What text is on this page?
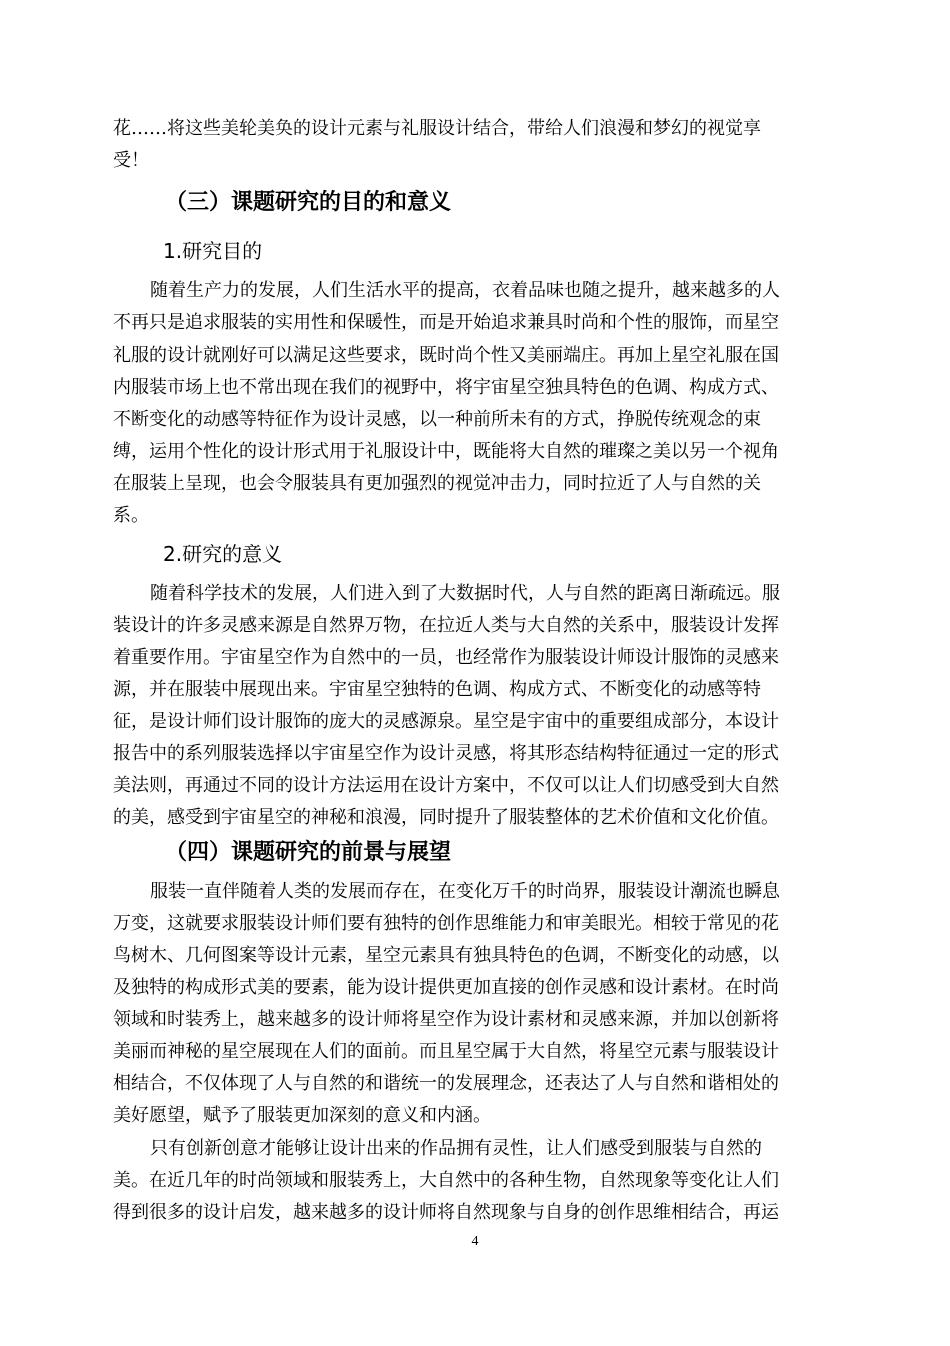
花……将这些美轮美奂的设计元素与礼服设计结合，带给人们浪漫和梦幻的视觉享
受！
（三）课题研究的目的和意义
1.研究目的
随着生产力的发展，人们生活水平的提高，衣着品味也随之提升，越来越多的人
不再只是追求服装的实用性和保暖性，而是开始追求兼具时尚和个性的服饰，而星空
礼服的设计就刚好可以满足这些要求，既时尚个性又美丽端庄。再加上星空礼服在国
内服装市场上也不常出现在我们的视野中，将宇宙星空独具特色的色调、构成方式、
不断变化的动感等特征作为设计灵感，以一种前所未有的方式，挣脱传统观念的束
缚，运用个性化的设计形式用于礼服设计中，既能将大自然的璀璨之美以另一个视角
在服装上呈现，也会令服装具有更加强烈的视觉冲击力，同时拉近了人与自然的关
系。
2.研究的意义
随着科学技术的发展，人们进入到了大数据时代，人与自然的距离日渐疏远。服
装设计的许多灵感来源是自然界万物，在拉近人类与大自然的关系中，服装设计发挥
着重要作用。宇宙星空作为自然中的一员，也经常作为服装设计师设计服饰的灵感来
源，并在服装中展现出来。宇宙星空独特的色调、构成方式、不断变化的动感等特
征，是设计师们设计服饰的庞大的灵感源泉。星空是宇宙中的重要组成部分，本设计
报告中的系列服装选择以宇宙星空作为设计灵感，将其形态结构特征通过一定的形式
美法则，再通过不同的设计方法运用在设计方案中，不仅可以让人们切感受到大自然
的美，感受到宇宙星空的神秘和浪漫，同时提升了服装整体的艺术价值和文化价值。
（四）课题研究的前景与展望
服装一直伴随着人类的发展而存在，在变化万千的时尚界，服装设计潮流也瞬息
万变，这就要求服装设计师们要有独特的创作思维能力和审美眼光。相较于常见的花
鸟树木、几何图案等设计元素，星空元素具有独具特色的色调，不断变化的动感，以
及独特的构成形式美的要素，能为设计提供更加直接的创作灵感和设计素材。在时尚
领域和时装秀上，越来越多的设计师将星空作为设计素材和灵感来源，并加以创新将
美丽而神秘的星空展现在人们的面前。而且星空属于大自然，将星空元素与服装设计
相结合，不仅体现了人与自然的和谐统一的发展理念，还表达了人与自然和谐相处的
美好愿望，赋予了服装更加深刻的意义和内涵。
只有创新创意才能够让设计出来的作品拥有灵性，让人们感受到服装与自然的
美。在近几年的时尚领域和服装秀上，大自然中的各种生物，自然现象等变化让人们
得到很多的设计启发，越来越多的设计师将自然现象与自身的创作思维相结合，再运
4
